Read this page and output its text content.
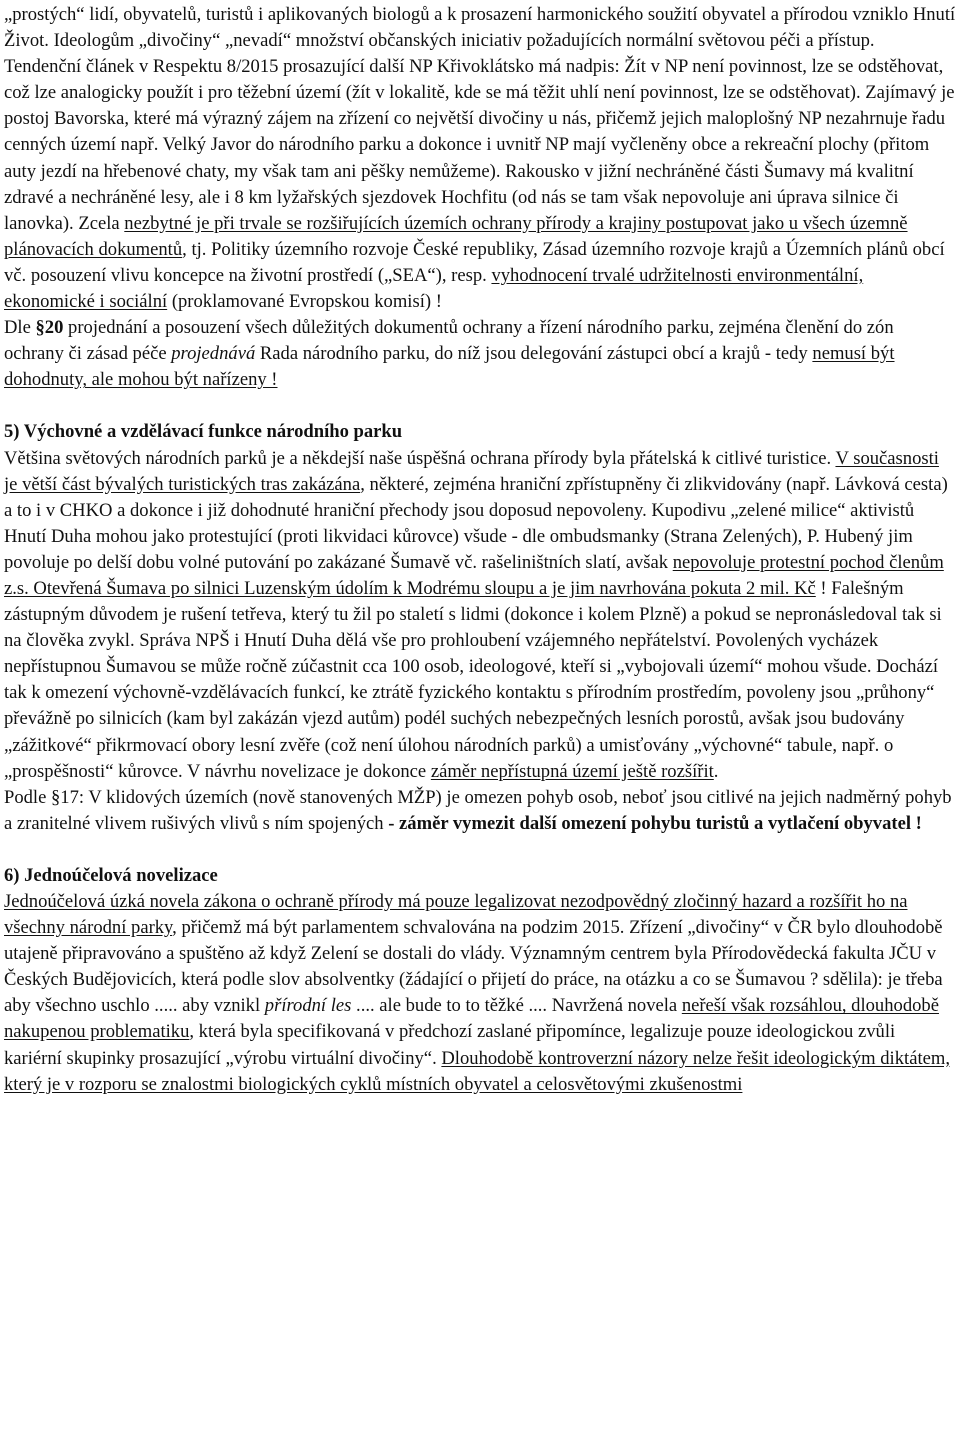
„prostých“ lidí, obyvatelů, turistů i aplikovaných biologů a k prosazení harmonického soužití obyvatel a přírodou vzniklo Hnutí Život. Ideologům „divočiny“ „nevadí“ množství občanských iniciativ požadujících normální světovou péči a přístup. Tendenční článek v Respektu 8/2015 prosazující další NP Křivoklátsko má nadpis: Žít v NP není povinnost, lze se odstěhovat, což lze analogicky použít i pro těžební území (žít v lokalitě, kde se má těžit uhlí není povinnost, lze se odstěhovat). Zajímavý je postoj Bavorska, které má výrazný zájem na zřízení co největší divočiny u nás, přičemž jejich maloplošný NP nezahrnuje řadu cenných území např. Velký Javor do národního parku a dokonce i uvnitř NP mají vyčleněny obce a rekreační plochy (přitom auty jezdí na hřebenové chaty, my však tam ani pěšky nemůžeme). Rakousko v jižní nechráněné části Šumavy má kvalitní zdravé a nechráněné lesy, ale i 8 km lyžařských sjezdovek Hochfitu (od nás se tam však nepovoluje ani úprava silnice či lanovka). Zcela nezbytné je při trvale se rozšiřujících územích ochrany přírody a krajiny postupovat jako u všech územně plánovacích dokumentů, tj. Politiky územního rozvoje České republiky, Zásad územního rozvoje krajů a Územních plánů obcí vč. posouzení vlivu koncepce na životní prostředí („SEA“), resp. vyhodnocení trvalé udržitelnosti environmentální, ekonomické i sociální (proklamované Evropskou komisí) !

Dle §20 projednání a posouzení všech důležitých dokumentů ochrany a řízení národního parku, zejména členění do zón ochrany či zásad péče projednává Rada národního parku, do níž jsou delegování zástupci obcí a krajů - tedy nemusí být dohodnuty, ale mohou být nařízeny !

5) Výchovné a vzdělávací funkce národního parku

Většina světových národních parků je a někdejší naše úspěšná ochrana přírody byla přátelská k citlivé turistice. V současnosti je větší část bývalých turistických tras zakázána, některé, zejména hraniční zpřístupněny či zlikvidovány (např. Lávková cesta) a to i v CHKO a dokonce i již dohodnuté hraniční přechody jsou doposud nepovoleny. Kupodivu „zelené milice“ aktivistů Hnutí Duha mohou jako protestující (proti likvidaci kůrovce) všude - dle ombudsmanky (Strana Zelených), P. Hubený jim povoluje po delší dobu volné putování po zakázané Šumavě vč. rašeliništních slatí, avšak nepovoluje protestní pochod členům z.s. Otevřená Šumava po silnici Luzenským údolím k Modrému sloupu a je jim navrhována pokuta 2 mil. Kč ! Falešným zástupným důvodem je rušení tetřeva, který tu žil po staletí s lidmi (dokonce i kolem Plzně) a pokud se nepronásledoval tak si na člověka zvykl. Správa NPŠ i Hnutí Duha dělá vše pro prohloubení vzájemného nepřátelství. Povolených vycházek nepřístupnou Šumavou se může ročně zúčastnit cca 100 osob, ideologové, kteří si „vybojovali území“ mohou všude. Dochází tak k omezení výchovně-vzdělávacích funkcí, ke ztrátě fyzického kontaktu s přírodním prostředím, povoleny jsou „průhony“ převážně po silnicích (kam byl zakázán vjezd autům) podél suchých nebezpečných lesních porostů, avšak jsou budovány „zážitkové“ přikrmovací obory lesní zvěře (což není úlohou národních parků) a umisťovány „výchovné“ tabule, např. o „prospěšnosti“ kůrovce. V návrhu novelizace je dokonce záměr nepřístupná území ještě rozšířit.

Podle §17: V klidových územích (nově stanovených MŽP) je omezen pohyb osob, neboť jsou citlivé na jejich nadměrný pohyb a zranitelné vlivem rušivých vlivů s ním spojených - záměr vymezit další omezení pohybu turistů a vytlačení obyvatel !

6) Jednoúčelová novelizace

Jednoúčelová úzká novela zákona o ochraně přírody má pouze legalizovat nezodpovědný zločinný hazard a rozšířit ho na všechny národní parky, přičemž má být parlamentem schvalována na podzim 2015. Zřízení „divočiny“ v ČR bylo dlouhodobě utajeně připravováno a spuštěno až když Zelení se dostali do vlády. Významným centrem byla Přírodovědecká fakulta JČU v Českých Budějovicích, která podle slov absolventky (žádající o přijetí do práce, na otázku a co se Šumavou ? sdělila): je třeba aby všechno uschlo ..... aby vznikl přírodní les .... ale bude to to těžké .... Navržená novela neřeší však rozsáhlou, dlouhodobě nakupenou problematiku, která byla specifikovaná v předchozí zaslané připomínce, legalizuje pouze ideologickou zvůli kariérní skupinky prosazující „výrobu virtuální divočiny“. Dlouhodobě kontroverzní názory nelze řešit ideologickým diktátem, který je v rozporu se znalostmi biologických cyklů místních obyvatel a celosvětovými zkušenostmi
